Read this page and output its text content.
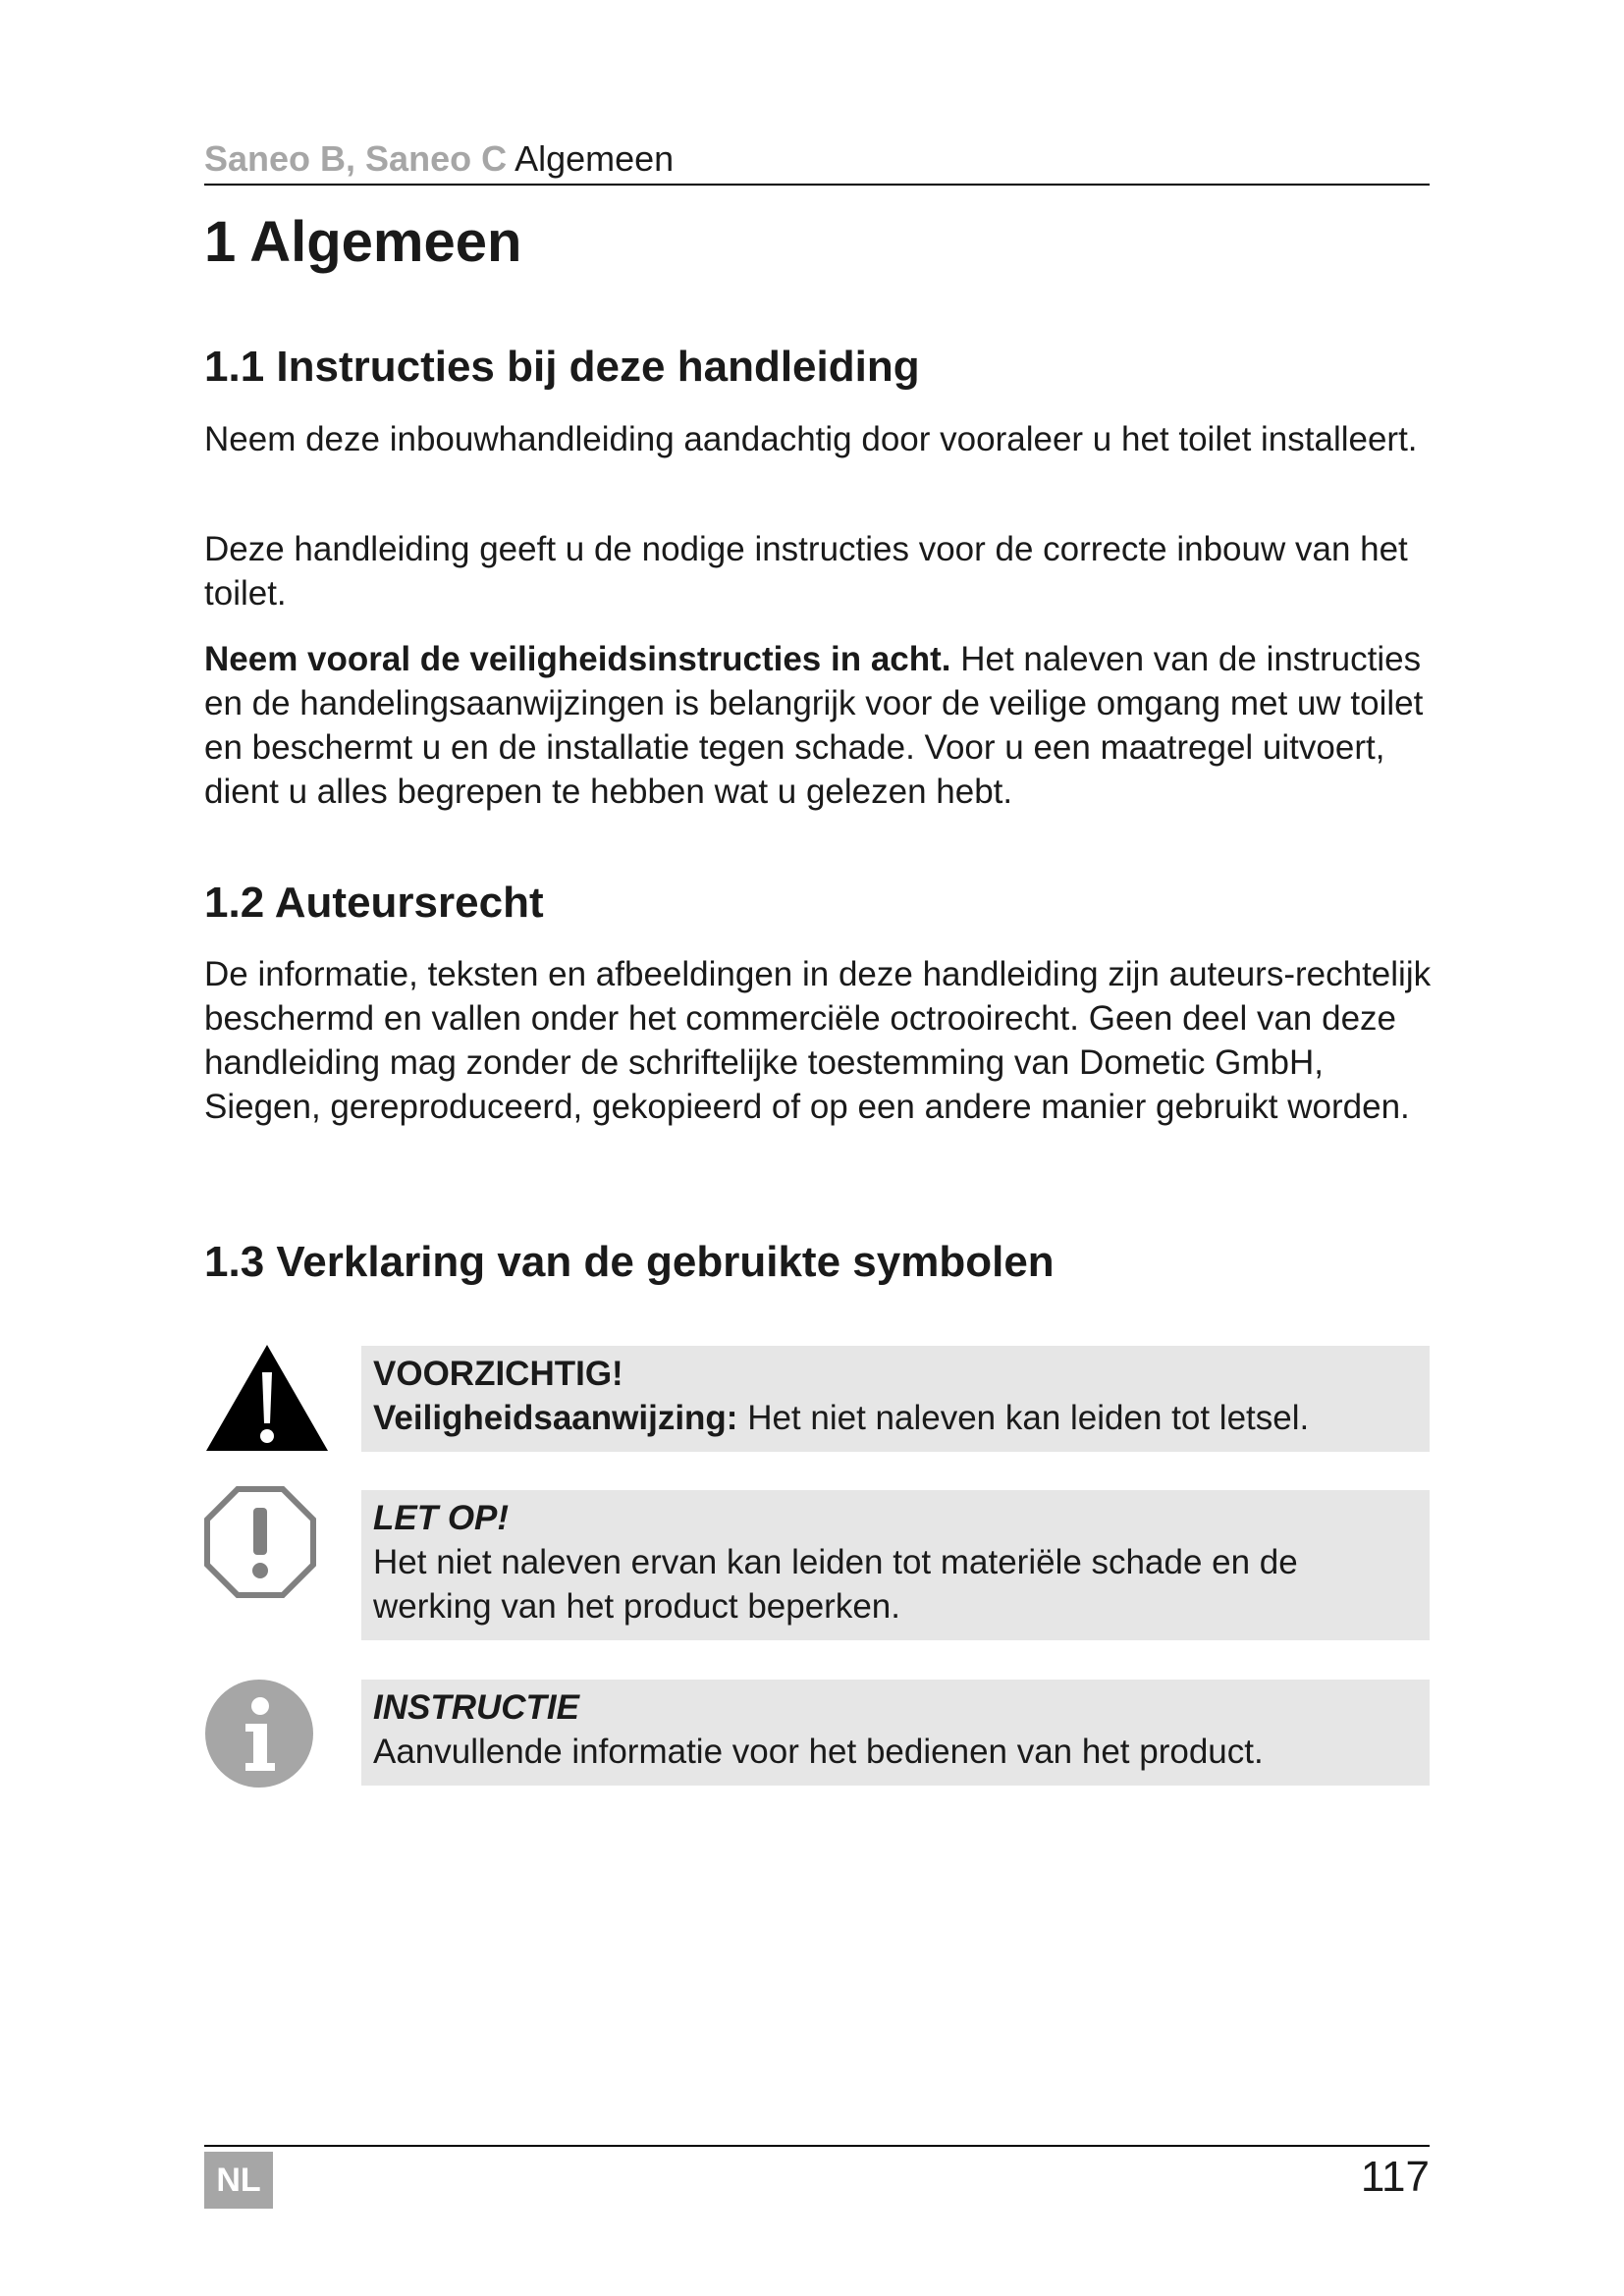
Saneo B, Saneo C Algemeen
1 Algemeen
1.1 Instructies bij deze handleiding

Neem deze inbouwhandleiding aandachtig door vooraleer u het toilet installeert.

Deze handleiding geeft u de nodige instructies voor de correcte inbouw van het toilet.

Neem vooral de veiligheidsinstructies in acht. Het naleven van de instructies en de handelingsaanwijzingen is belangrijk voor de veilige omgang met uw toilet en beschermt u en de installatie tegen schade. Voor u een maatregel uitvoert, dient u alles begrepen te hebben wat u gelezen hebt.

1.2 Auteursrecht

De informatie, teksten en afbeeldingen in deze handleiding zijn auteurs-rechtelijk beschermd en vallen onder het commerciële octrooirecht. Geen deel van deze handleiding mag zonder de schriftelijke toestemming van Dometic GmbH, Siegen, gereproduceerd, gekopieerd of op een andere manier gebruikt worden.

1.3 Verklaring van de gebruikte symbolen
VOORZICHTIG!
Veiligheidsaanwijzing: Het niet naleven kan leiden tot letsel.
LET OP!
Het niet naleven ervan kan leiden tot materiële schade en de werking van het product beperken.
INSTRUCTIE
Aanvullende informatie voor het bedienen van het product.
NL	117
